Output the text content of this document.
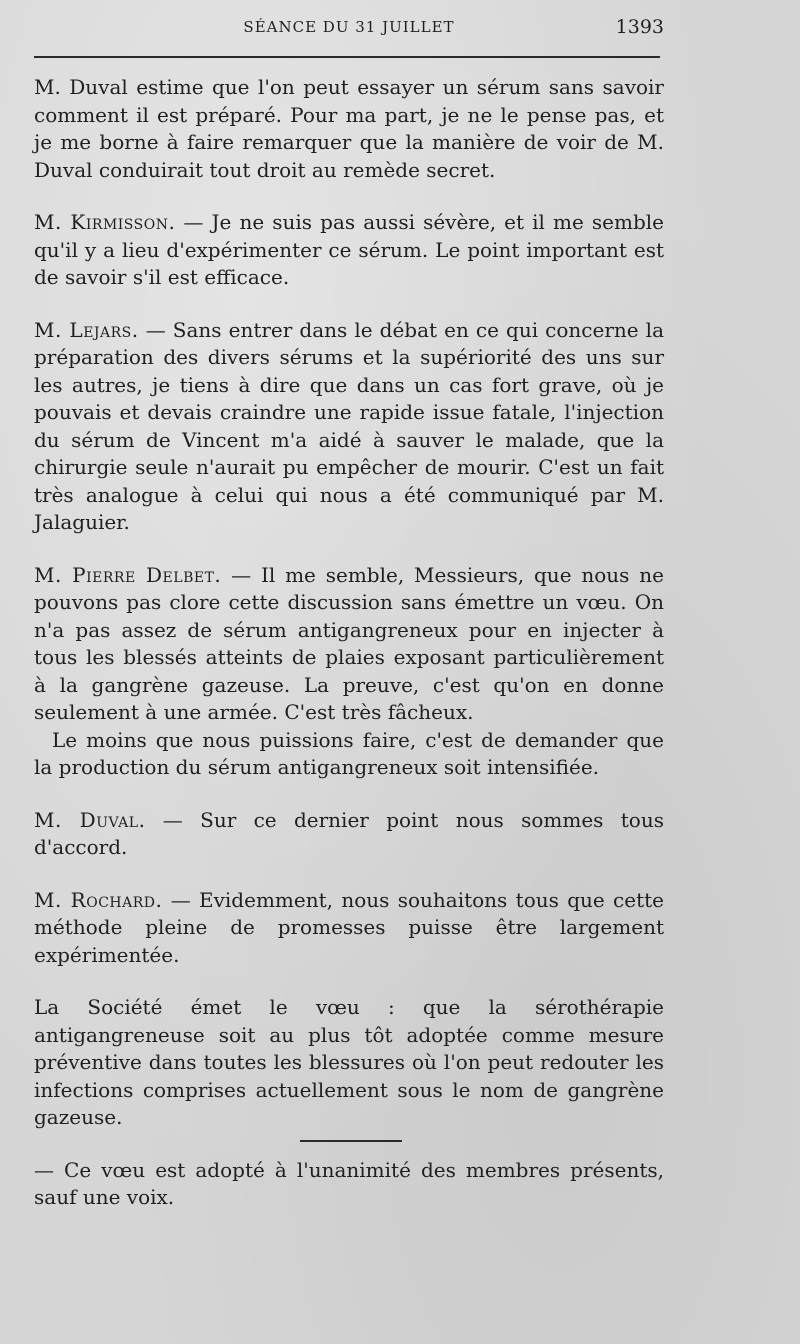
SÉANCE DU 31 JUILLET	1393

M. Duval estime que l'on peut essayer un sérum sans savoir comment il est préparé. Pour ma part, je ne le pense pas, et je me borne à faire remarquer que la manière de voir de M. Duval conduirait tout droit au remède secret.

M. Kirmisson. — Je ne suis pas aussi sévère, et il me semble qu'il y a lieu d'expérimenter ce sérum. Le point important est de savoir s'il est efficace.

M. Lejars. — Sans entrer dans le débat en ce qui concerne la préparation des divers sérums et la supériorité des uns sur les autres, je tiens à dire que dans un cas fort grave, où je pouvais et devais craindre une rapide issue fatale, l'injection du sérum de Vincent m'a aidé à sauver le malade, que la chirurgie seule n'aurait pu empêcher de mourir. C'est un fait très analogue à celui qui nous a été communiqué par M. Jalaguier.

M. Pierre Delbet. — Il me semble, Messieurs, que nous ne pouvons pas clore cette discussion sans émettre un vœu. On n'a pas assez de sérum antigangreneux pour en injecter à tous les blessés atteints de plaies exposant particulièrement à la gangrène gazeuse. La preuve, c'est qu'on en donne seulement à une armée. C'est très fâcheux.

Le moins que nous puissions faire, c'est de demander que la production du sérum antigangreneux soit intensifiée.

M. Duval. — Sur ce dernier point nous sommes tous d'accord.

M. Rochard. — Evidemment, nous souhaitons tous que cette méthode pleine de promesses puisse être largement expérimentée.

La Société émet le vœu : que la sérothérapie antigangreneuse soit au plus tôt adoptée comme mesure préventive dans toutes les blessures où l'on peut redouter les infections comprises actuellement sous le nom de gangrène gazeuse.

— Ce vœu est adopté à l'unanimité des membres présents, sauf une voix.
